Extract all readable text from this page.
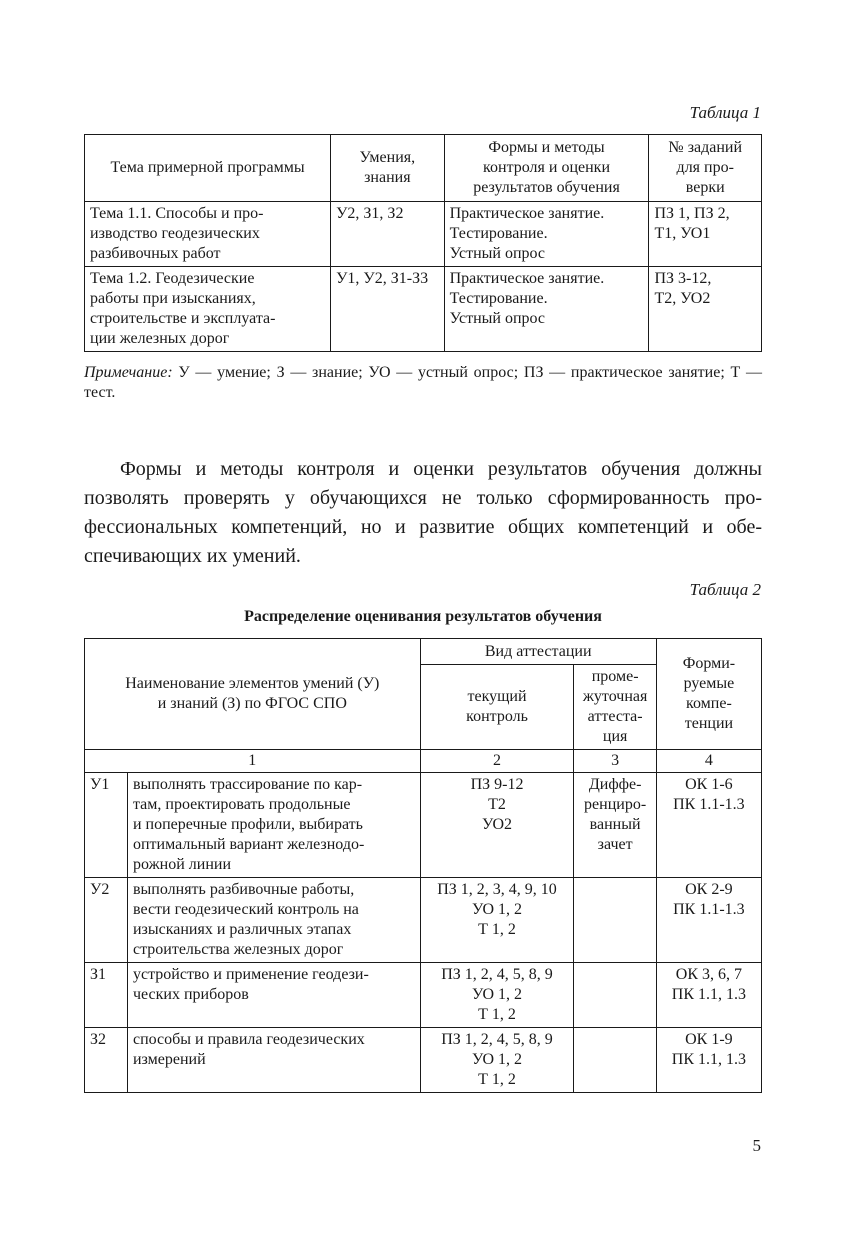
Таблица 1
Тема примерной программы	Умения,
знания	Формы и методы
контроля и оценки
результатов обучения	№ заданий
для про-
верки

Тема 1.1. Способы и про-
изводство геодезических
разбивочных работ	У2, З1, З2	Практическое занятие.
Тестирование.
Устный опрос	ПЗ 1, ПЗ 2,
Т1, УО1

Тема 1.2. Геодезические
работы при изысканиях,
строительстве и эксплуата-
ции железных дорог	У1, У2, З1-З3	Практическое занятие.
Тестирование.
Устный опрос	ПЗ 3-12,
Т2, УО2
Примечание: У — умение; З — знание; УО — устный опрос; ПЗ — практическое занятие; Т — тест.
Формы и методы контроля и оценки результатов обучения должны
позволять проверять у обучающихся не только сформированность про-
фессиональных компетенций, но и развитие общих компетенций и обе-
спечивающих их умений.
Таблица 2
Распределение оценивания результатов обучения
Наименование элементов умений (У)
и знаний (З) по ФГОС СПО		Вид аттестации		Форми-
руемые
компе-
тенции

		текущий
контроль	проме-
жуточная
аттеста-
ция	

1		2	3	4
У1	выполнять трассирование по кар-
там, проектировать продольные
и поперечные профили, выбирать
оптимальный вариант железнодо-
рожной линии	ПЗ 9-12
Т2
УО2	Диффе-
ренциро-
ванный
зачет	ОК 1-6
ПК 1.1-1.3

У2	выполнять разбивочные работы,
вести геодезический контроль на
изысканиях и различных этапах
строительства железных дорог	ПЗ 1, 2, 3, 4, 9, 10
УО 1, 2
Т 1, 2		ОК 2-9
ПК 1.1-1.3

З1	устройство и применение геодези-
ческих приборов	ПЗ 1, 2, 4, 5, 8, 9
УО 1, 2
Т 1, 2		ОК 3, 6, 7
ПК 1.1, 1.3

З2	способы и правила геодезических
измерений	ПЗ 1, 2, 4, 5, 8, 9
УО 1, 2
Т 1, 2		ОК 1-9
ПК 1.1, 1.3
5
